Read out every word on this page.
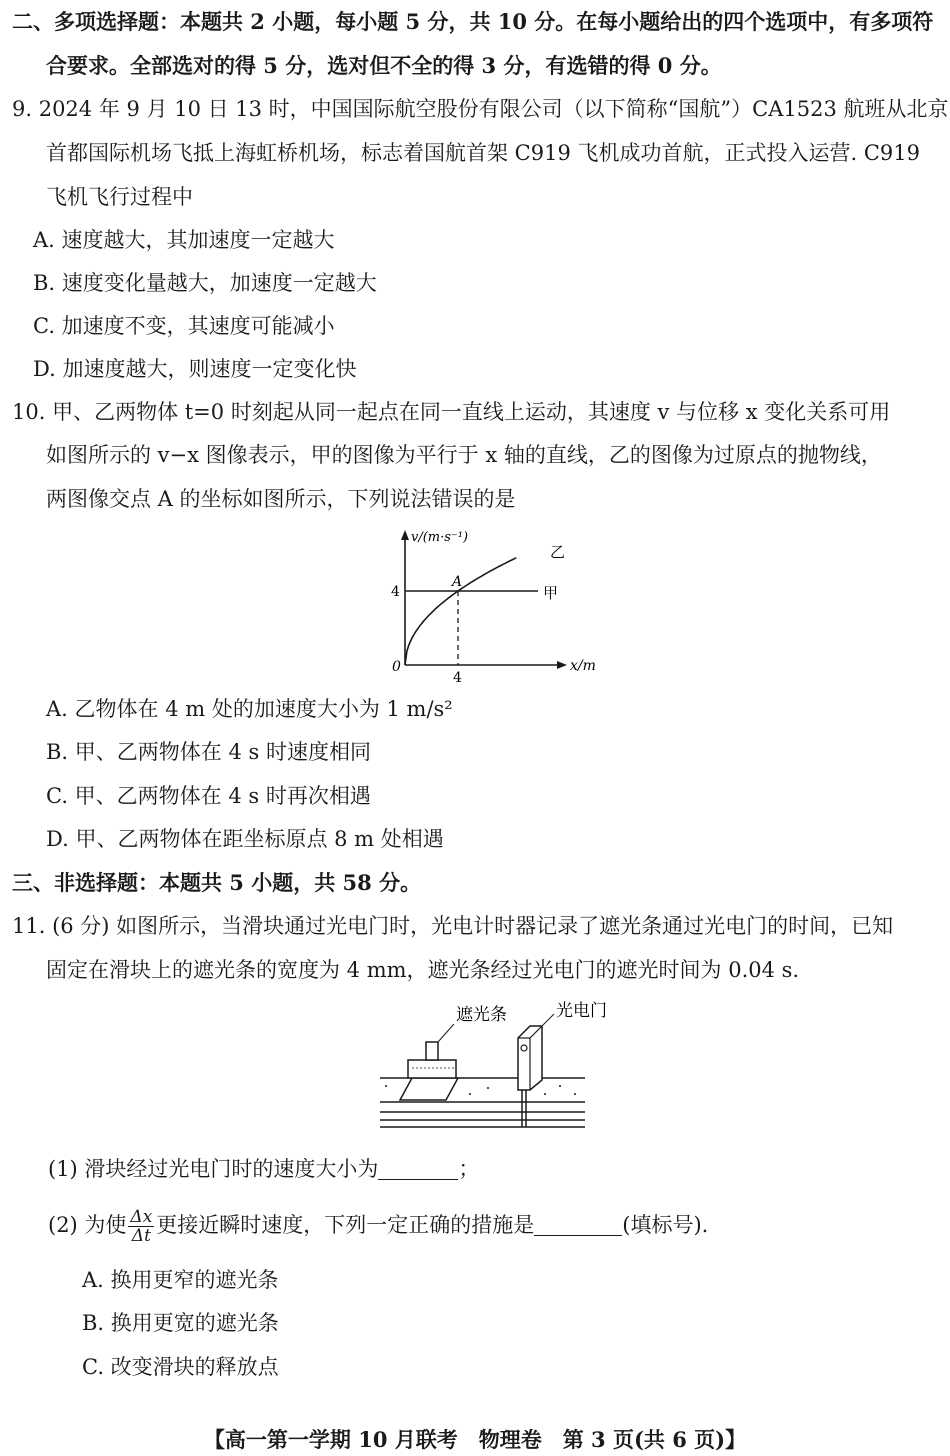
二、多项选择题：本题共 2 小题，每小题 5 分，共 10 分。在每小题给出的四个选项中，有多项符
合要求。全部选对的得 5 分，选对但不全的得 3 分，有选错的得 0 分。
9. 2024 年 9 月 10 日 13 时，中国国际航空股份有限公司（以下简称“国航”）CA1523 航班从北京
首都国际机场飞抵上海虹桥机场，标志着国航首架 C919 飞机成功首航，正式投入运营. C919
飞机飞行过程中
A. 速度越大，其加速度一定越大
B. 速度变化量越大，加速度一定越大
C. 加速度不变，其速度可能减小
D. 加速度越大，则速度一定变化快
10. 甲、乙两物体 t=0 时刻起从同一起点在同一直线上运动，其速度 v 与位移 x 变化关系可用
如图所示的 v−x 图像表示，甲的图像为平行于 x 轴的直线，乙的图像为过原点的抛物线，
两图像交点 A 的坐标如图所示，下列说法错误的是
v/(m·s⁻¹)
x/m
0
4
4
A
甲
乙
A. 乙物体在 4 m 处的加速度大小为 1 m/s²
B. 甲、乙两物体在 4 s 时速度相同
C. 甲、乙两物体在 4 s 时再次相遇
D. 甲、乙两物体在距坐标原点 8 m 处相遇
三、非选择题：本题共 5 小题，共 58 分。
11. (6 分) 如图所示，当滑块通过光电门时，光电计时器记录了遮光条通过光电门的时间，已知
固定在滑块上的遮光条的宽度为 4 mm，遮光条经过光电门的遮光时间为 0.04 s.
遮光条	光电门
(1) 滑块经过光电门时的速度大小为	；
(2) 为使 $\frac{\Delta x}{\Delta t}$ 更接近瞬时速度，下列一定正确的措施是	(填标号).
A. 换用更窄的遮光条
B. 换用更宽的遮光条
C. 改变滑块的释放点
【高一第一学期 10 月联考　物理卷　第 3 页(共 6 页)】
